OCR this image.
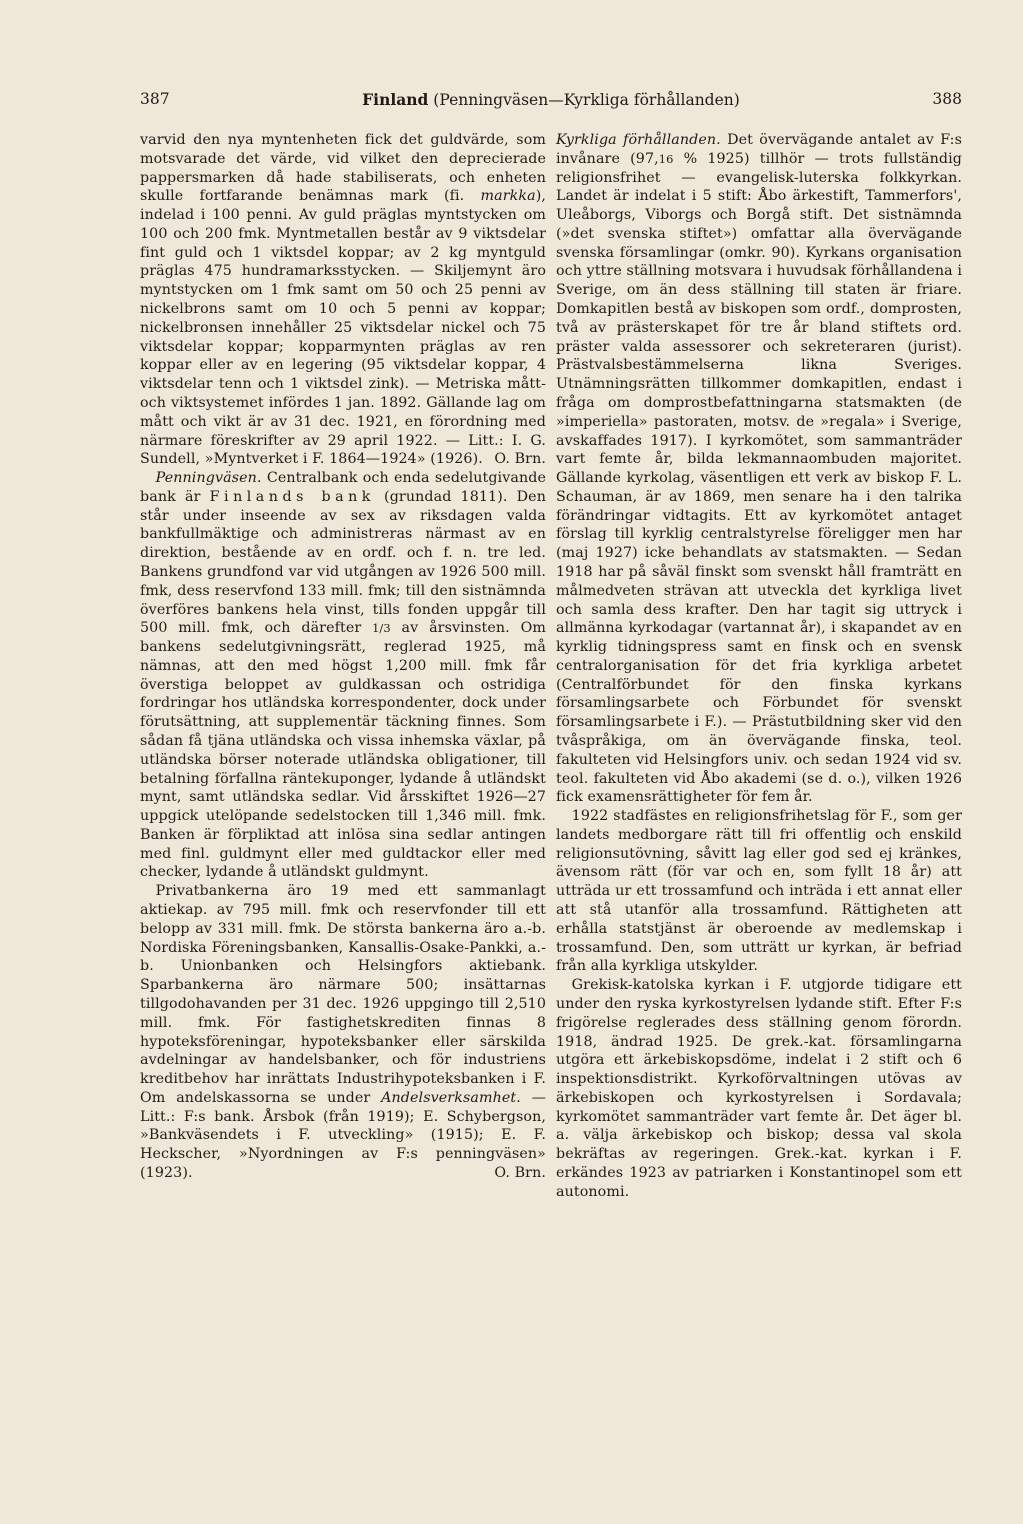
387	Finland (Penningväsen—Kyrkliga förhållanden)	388

varvid den nya myntenheten fick det guldvärde, som motsvarade det värde, vid vilket den deprecierade pappersmarken då hade stabiliserats, och enheten skulle fortfarande benämnas mark (fi. markka), indelad i 100 penni. Av guld präglas myntstycken om 100 och 200 fmk. Myntmetallen består av 9 viktsdelar fint guld och 1 viktsdel koppar; av 2 kg myntguld präglas 475 hundramarksstycken. — Skiljemynt äro myntstycken om 1 fmk samt om 50 och 25 penni av nickelbrons samt om 10 och 5 penni av koppar; nickelbronsen innehåller 25 viktsdelar nickel och 75 viktsdelar koppar; kopparmynten präglas av ren koppar eller av en legering (95 viktsdelar koppar, 4 viktsdelar tenn och 1 viktsdel zink). — Metriska mått- och viktsystemet infördes 1 jan. 1892. Gällande lag om mått och vikt är av 31 dec. 1921, en förordning med närmare föreskrifter av 29 april 1922. — Litt.: I. G. Sundell, »Myntverket i F. 1864—1924» (1926). O. Brn.

Penningväsen. Centralbank och enda sedelutgivande bank är Finlands bank (grundad 1811). Den står under inseende av sex av riksdagen valda bankfullmäktige och administreras närmast av en direktion, bestående av en ordf. och f. n. tre led. Bankens grundfond var vid utgången av 1926 500 mill. fmk, dess reservfond 133 mill. fmk; till den sistnämnda överföres bankens hela vinst, tills fonden uppgår till 500 mill. fmk, och därefter 1/3 av årsvinsten. Om bankens sedelutgivningsrätt, reglerad 1925, må nämnas, att den med högst 1,200 mill. fmk får överstiga beloppet av guldkassan och ostridiga fordringar hos utländska korrespondenter, dock under förutsättning, att supplementär täckning finnes. Som sådan få tjäna utländska och vissa inhemska växlar, på utländska börser noterade utländska obligationer, till betalning förfallna räntekuponger, lydande å utländskt mynt, samt utländska sedlar. Vid årsskiftet 1926—27 uppgick utelöpande sedelstocken till 1,346 mill. fmk. Banken är förpliktad att inlösa sina sedlar antingen med finl. guldmynt eller med guldtackor eller med checker, lydande å utländskt guldmynt.

Privatbankerna äro 19 med ett sammanlagt aktiekap. av 795 mill. fmk och reservfonder till ett belopp av 331 mill. fmk. De största bankerna äro a.-b. Nordiska Föreningsbanken, Kansallis-Osake-Pankki, a.-b. Unionbanken och Helsingfors aktiebank. Sparbankerna äro närmare 500; insättarnas tillgodohavanden per 31 dec. 1926 uppgingo till 2,510 mill. fmk. För fastighetskrediten finnas 8 hypoteksföreningar, hypoteksbanker eller särskilda avdelningar av handelsbanker, och för industriens kreditbehov har inrättats Industrihypoteksbanken i F. Om andelskassorna se under Andelsverksamhet. — Litt.: F:s bank. Årsbok (från 1919); E. Schybergson, »Bankväsendets i F. utveckling» (1915); E. F. Heckscher, »Nyordningen av F:s penningväsen» (1923).	O. Brn.

Kyrkliga förhållanden. Det övervägande antalet av F:s invånare (97,16 % 1925) tillhör — trots fullständig religionsfrihet — evangelisk-luterska folkkyrkan. Landet är indelat i 5 stift: Åbo ärkestift, Tammerfors', Uleåborgs, Viborgs och Borgå stift. Det sistnämnda (»det svenska stiftet») omfattar alla övervägande svenska församlingar (omkr. 90). Kyrkans organisation och yttre ställning motsvara i huvudsak förhållandena i Sverige, om än dess ställning till staten är friare. Domkapitlen bestå av biskopen som ordf., domprosten, två av prästerskapet för tre år bland stiftets ord. präster valda assessorer och sekreteraren (jurist). Prästvalsbestämmelserna likna Sveriges. Utnämningsrätten tillkommer domkapitlen, endast i fråga om domprostbefattningarna statsmakten (de »imperiella» pastoraten, motsv. de »regala» i Sverige, avskaffades 1917). I kyrkomötet, som sammanträder vart femte år, bilda lekmannaombuden majoritet. Gällande kyrkolag, väsentligen ett verk av biskop F. L. Schauman, är av 1869, men senare ha i den talrika förändringar vidtagits. Ett av kyrkomötet antaget förslag till kyrklig centralstyrelse föreligger men har (maj 1927) icke behandlats av statsmakten. — Sedan 1918 har på såväl finskt som svenskt håll framträtt en målmedveten strävan att utveckla det kyrkliga livet och samla dess krafter. Den har tagit sig uttryck i allmänna kyrkodagar (vartannat år), i skapandet av en kyrklig tidningspress samt en finsk och en svensk centralorganisation för det fria kyrkliga arbetet (Centralförbundet för den finska kyrkans församlingsarbete och Förbundet för svenskt församlingsarbete i F.). — Prästutbildning sker vid den tvåspråkiga, om än övervägande finska, teol. fakulteten vid Helsingfors univ. och sedan 1924 vid sv. teol. fakulteten vid Åbo akademi (se d. o.), vilken 1926 fick examensrättigheter för fem år.

1922 stadfästes en religionsfrihetslag för F., som ger landets medborgare rätt till fri offentlig och enskild religionsutövning, såvitt lag eller god sed ej kränkes, ävensom rätt (för var och en, som fyllt 18 år) att utträda ur ett trossamfund och inträda i ett annat eller att stå utanför alla trossamfund. Rättigheten att erhålla statstjänst är oberoende av medlemskap i trossamfund. Den, som utträtt ur kyrkan, är befriad från alla kyrkliga utskylder.

Grekisk-katolska kyrkan i F. utgjorde tidigare ett under den ryska kyrkostyrelsen lydande stift. Efter F:s frigörelse reglerades dess ställning genom förordn. 1918, ändrad 1925. De grek.-kat. församlingarna utgöra ett ärkebiskopsdöme, indelat i 2 stift och 6 inspektionsdistrikt. Kyrkoförvaltningen utövas av ärkebiskopen och kyrkostyrelsen i Sordavala; kyrkomötet sammanträder vart femte år. Det äger bl. a. välja ärkebiskop och biskop; dessa val skola bekräftas av regeringen. Grek.-kat. kyrkan i F. erkändes 1923 av patriarken i Konstantinopel som ett autonomi.
